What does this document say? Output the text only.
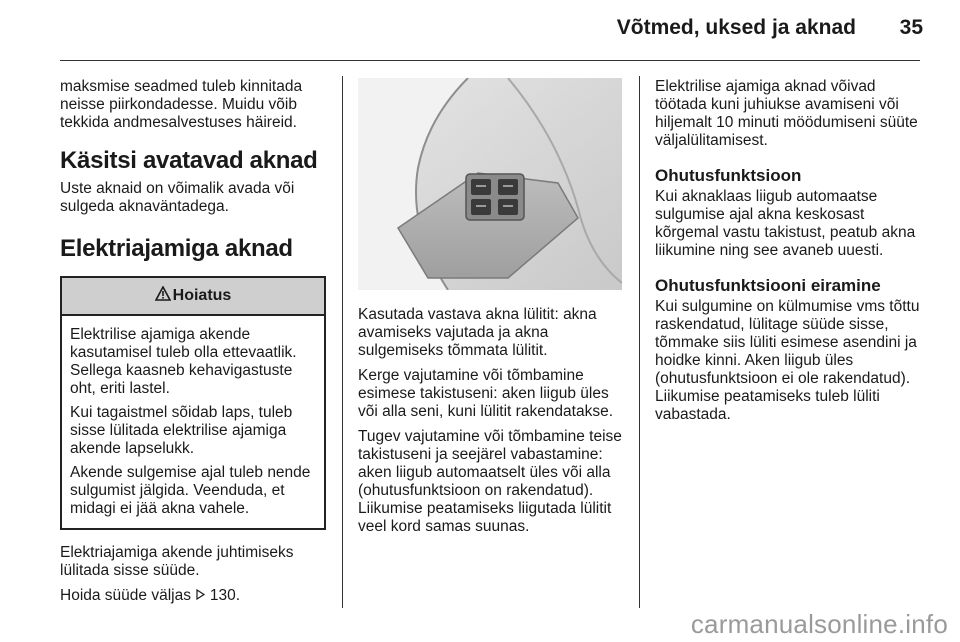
Võtmed, uksed ja aknad 35

maksmise seadmed tuleb kinnitada neisse piirkondadesse. Muidu võib tekkida andmesalvestuses häireid.

Käsitsi avatavad aknad

Uste aknaid on võimalik avada või sulgeda aknaväntadega.

Elektriajamiga aknad
Hoiatus

Elektrilise ajamiga akende kasutamisel tuleb olla ettevaatlik. Sellega kaasneb kehavigastuste oht, eriti lastel.

Kui tagaistmel sõidab laps, tuleb sisse lülitada elektrilise ajamiga akende lapselukk.

Akende sulgemise ajal tuleb nende sulgumist jälgida. Veenduda, et midagi ei jää akna vahele.

Elektriajamiga akende juhtimiseks lülitada sisse süüde.

Hoida süüde väljas 130.

Kasutada vastava akna lülitit: akna avamiseks vajutada ja akna sulgemiseks tõmmata lülitit.

Kerge vajutamine või tõmbamine esimese takistuseni: aken liigub üles või alla seni, kuni lülitit rakendatakse.

Tugev vajutamine või tõmbamine teise takistuseni ja seejärel vabastamine: aken liigub automaatselt üles või alla (ohutusfunktsioon on rakendatud). Liikumise peatamiseks liigutada lülitit veel kord samas suunas.

Elektrilise ajamiga aknad võivad töötada kuni juhiukse avamiseni või hiljemalt 10 minuti möödumiseni süüte väljalülitamisest.

Ohutusfunktsioon

Kui aknaklaas liigub automaatse sulgumise ajal akna keskosast kõrgemal vastu takistust, peatub akna liikumine ning see avaneb uuesti.

Ohutusfunktsiooni eiramine

Kui sulgumine on külmumise vms tõttu raskendatud, lülitage süüde sisse, tõmmake siis lüliti esimese asendini ja hoidke kinni. Aken liigub üles (ohutusfunktsioon ei ole rakendatud). Liikumise peatamiseks tuleb lüliti vabastada.

carmanualsonline.info
